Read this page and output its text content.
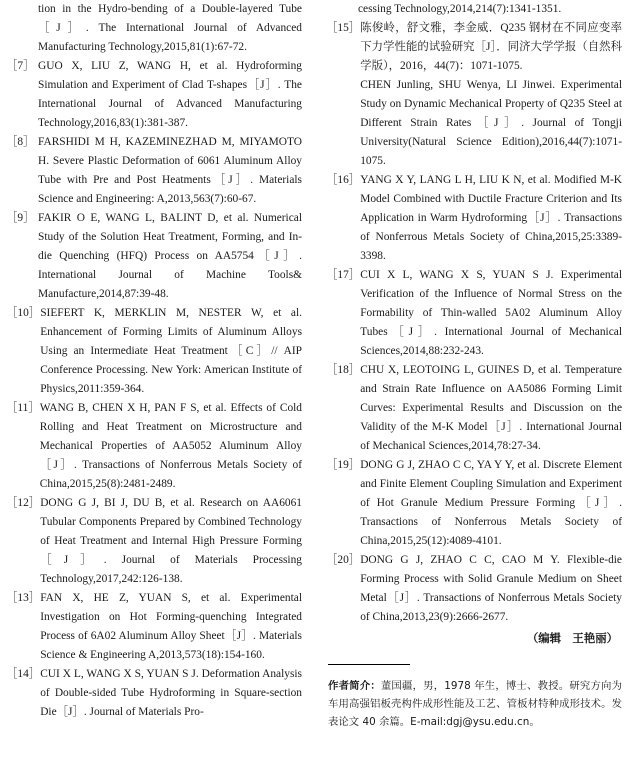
tion in the Hydro-bending of a Double-layered Tube［J］. The International Journal of Advanced Manufacturing Technology,2015,81(1):67-72.
［7］ GUO X, LIU Z, WANG H, et al. Hydroforming Simulation and Experiment of Clad T-shapes［J］. The International Journal of Advanced Manufacturing Technology,2016,83(1):381-387.
［8］ FARSHIDI M H, KAZEMINEZHAD M, MIYAMOTO H. Severe Plastic Deformation of 6061 Aluminum Alloy Tube with Pre and Post Heatments［J］. Materials Science and Engineering: A,2013,563(7):60-67.
［9］ FAKIR O E, WANG L, BALINT D, et al. Numerical Study of the Solution Heat Treatment, Forming, and In-die Quenching (HFQ) Process on AA5754［J］. International Journal of Machine Tools& Manufacture,2014,87:39-48.
［10］ SIEFERT K, MERKLIN M, NESTER W, et al. Enhancement of Forming Limits of Aluminum Alloys Using an Intermediate Heat Treatment［C］// AIP Conference Processing. New York: American Institute of Physics,2011:359-364.
［11］ WANG B, CHEN X H, PAN F S, et al. Effects of Cold Rolling and Heat Treatment on Microstructure and Mechanical Properties of AA5052 Aluminum Alloy［J］. Transactions of Nonferrous Metals Society of China,2015,25(8):2481-2489.
［12］ DONG G J, BI J, DU B, et al. Research on AA6061 Tubular Components Prepared by Combined Technology of Heat Treatment and Internal High Pressure Forming［J］. Journal of Materials Processing Technology,2017,242:126-138.
［13］ FAN X, HE Z, YUAN S, et al. Experimental Investigation on Hot Forming-quenching Integrated Process of 6A02 Aluminum Alloy Sheet［J］. Materials Science & Engineering A,2013,573(18):154-160.
［14］ CUI X L, WANG X S, YUAN S J. Deformation Analysis of Double-sided Tube Hydroforming in Square-section Die［J］. Journal of Materials Pro-
cessing Technology,2014,214(7):1341-1351.
［15］ 陈俊岭，舒文雅，李金威．Q235 钢材在不同应变率下力学性能的试验研究［J］．同济大学学报（自然科学版），2016，44(7)：1071-1075.
CHEN Junling, SHU Wenya, LI Jinwei. Experimental Study on Dynamic Mechanical Property of Q235 Steel at Different Strain Rates［J］. Journal of Tongji University(Natural Science Edition),2016,44(7):1071-1075.
［16］ YANG X Y, LANG L H, LIU K N, et al. Modified M-K Model Combined with Ductile Fracture Criterion and Its Application in Warm Hydroforming［J］. Transactions of Nonferrous Metals Society of China,2015,25:3389-3398.
［17］ CUI X L, WANG X S, YUAN S J. Experimental Verification of the Influence of Normal Stress on the Formability of Thin-walled 5A02 Aluminum Alloy Tubes［J］. International Journal of Mechanical Sciences,2014,88:232-243.
［18］ CHU X, LEOTOING L, GUINES D, et al. Temperature and Strain Rate Influence on AA5086 Forming Limit Curves: Experimental Results and Discussion on the Validity of the M-K Model［J］. International Journal of Mechanical Sciences,2014,78:27-34.
［19］ DONG G J, ZHAO C C, YA Y Y, et al. Discrete Element and Finite Element Coupling Simulation and Experiment of Hot Granule Medium Pressure Forming［J］. Transactions of Nonferrous Metals Society of China,2015,25(12):4089-4101.
［20］ DONG G J, ZHAO C C, CAO M Y. Flexible-die Forming Process with Solid Granule Medium on Sheet Metal［J］. Transactions of Nonferrous Metals Society of China,2013,23(9):2666-2677.
（编辑　王艳丽）
作者简介：董国疆，男，1978 年生，博士、教授。研究方向为车用高强铝板壳构件成形性能及工艺、管板材特种成形技术。发表论文 40 余篇。E-mail:dgj@ysu.edu.cn。
